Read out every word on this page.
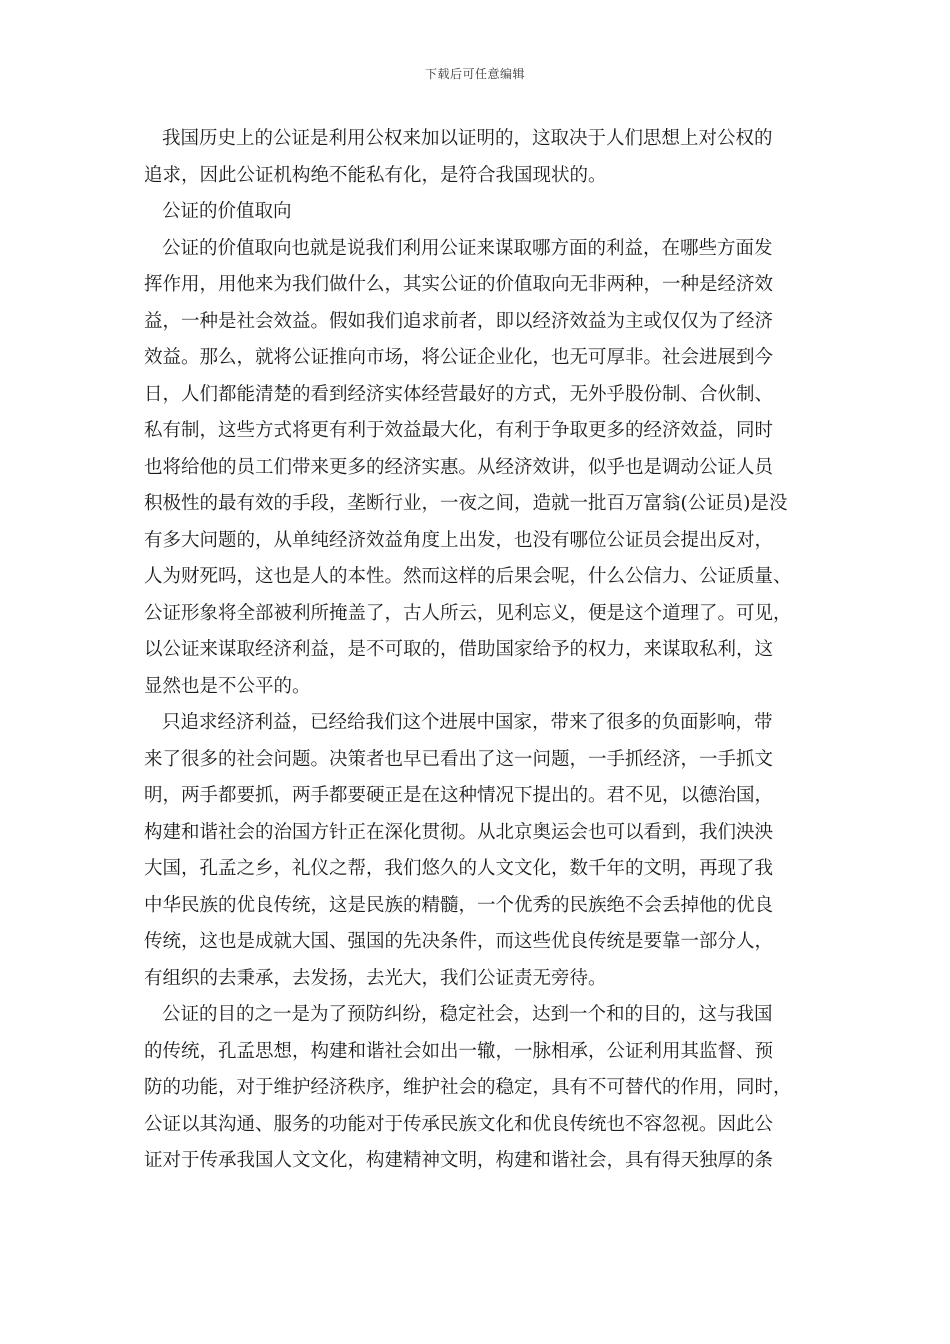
下载后可任意编辑
我国历史上的公证是利用公权来加以证明的，这取决于人们思想上对公权的
追求，因此公证机构绝不能私有化，是符合我国现状的。
公证的价值取向
公证的价值取向也就是说我们利用公证来谋取哪方面的利益，在哪些方面发
挥作用，用他来为我们做什么，其实公证的价值取向无非两种，一种是经济效
益，一种是社会效益。假如我们追求前者，即以经济效益为主或仅仅为了经济
效益。那么，就将公证推向市场，将公证企业化，也无可厚非。社会进展到今
日，人们都能清楚的看到经济实体经营最好的方式，无外乎股份制、合伙制、
私有制，这些方式将更有利于效益最大化，有利于争取更多的经济效益，同时
也将给他的员工们带来更多的经济实惠。从经济效讲，似乎也是调动公证人员
积极性的最有效的手段，垄断行业，一夜之间，造就一批百万富翁(公证员)是没
有多大问题的，从单纯经济效益角度上出发，也没有哪位公证员会提出反对，
人为财死吗，这也是人的本性。然而这样的后果会呢，什么公信力、公证质量、
公证形象将全部被利所掩盖了，古人所云，见利忘义，便是这个道理了。可见，
以公证来谋取经济利益，是不可取的，借助国家给予的权力，来谋取私利，这
显然也是不公平的。
只追求经济利益，已经给我们这个进展中国家，带来了很多的负面影响，带
来了很多的社会问题。决策者也早已看出了这一问题，一手抓经济，一手抓文
明，两手都要抓，两手都要硬正是在这种情况下提出的。君不见，以德治国，
构建和谐社会的治国方针正在深化贯彻。从北京奥运会也可以看到，我们泱泱
大国，孔孟之乡，礼仪之帮，我们悠久的人文文化，数千年的文明，再现了我
中华民族的优良传统，这是民族的精髓，一个优秀的民族绝不会丢掉他的优良
传统，这也是成就大国、强国的先决条件，而这些优良传统是要靠一部分人，
有组织的去秉承，去发扬，去光大，我们公证责无旁待。
公证的目的之一是为了预防纠纷，稳定社会，达到一个和的目的，这与我国
的传统，孔孟思想，构建和谐社会如出一辙，一脉相承，公证利用其监督、预
防的功能，对于维护经济秩序，维护社会的稳定，具有不可替代的作用，同时，
公证以其沟通、服务的功能对于传承民族文化和优良传统也不容忽视。因此公
证对于传承我国人文文化，构建精神文明，构建和谐社会，具有得天独厚的条
